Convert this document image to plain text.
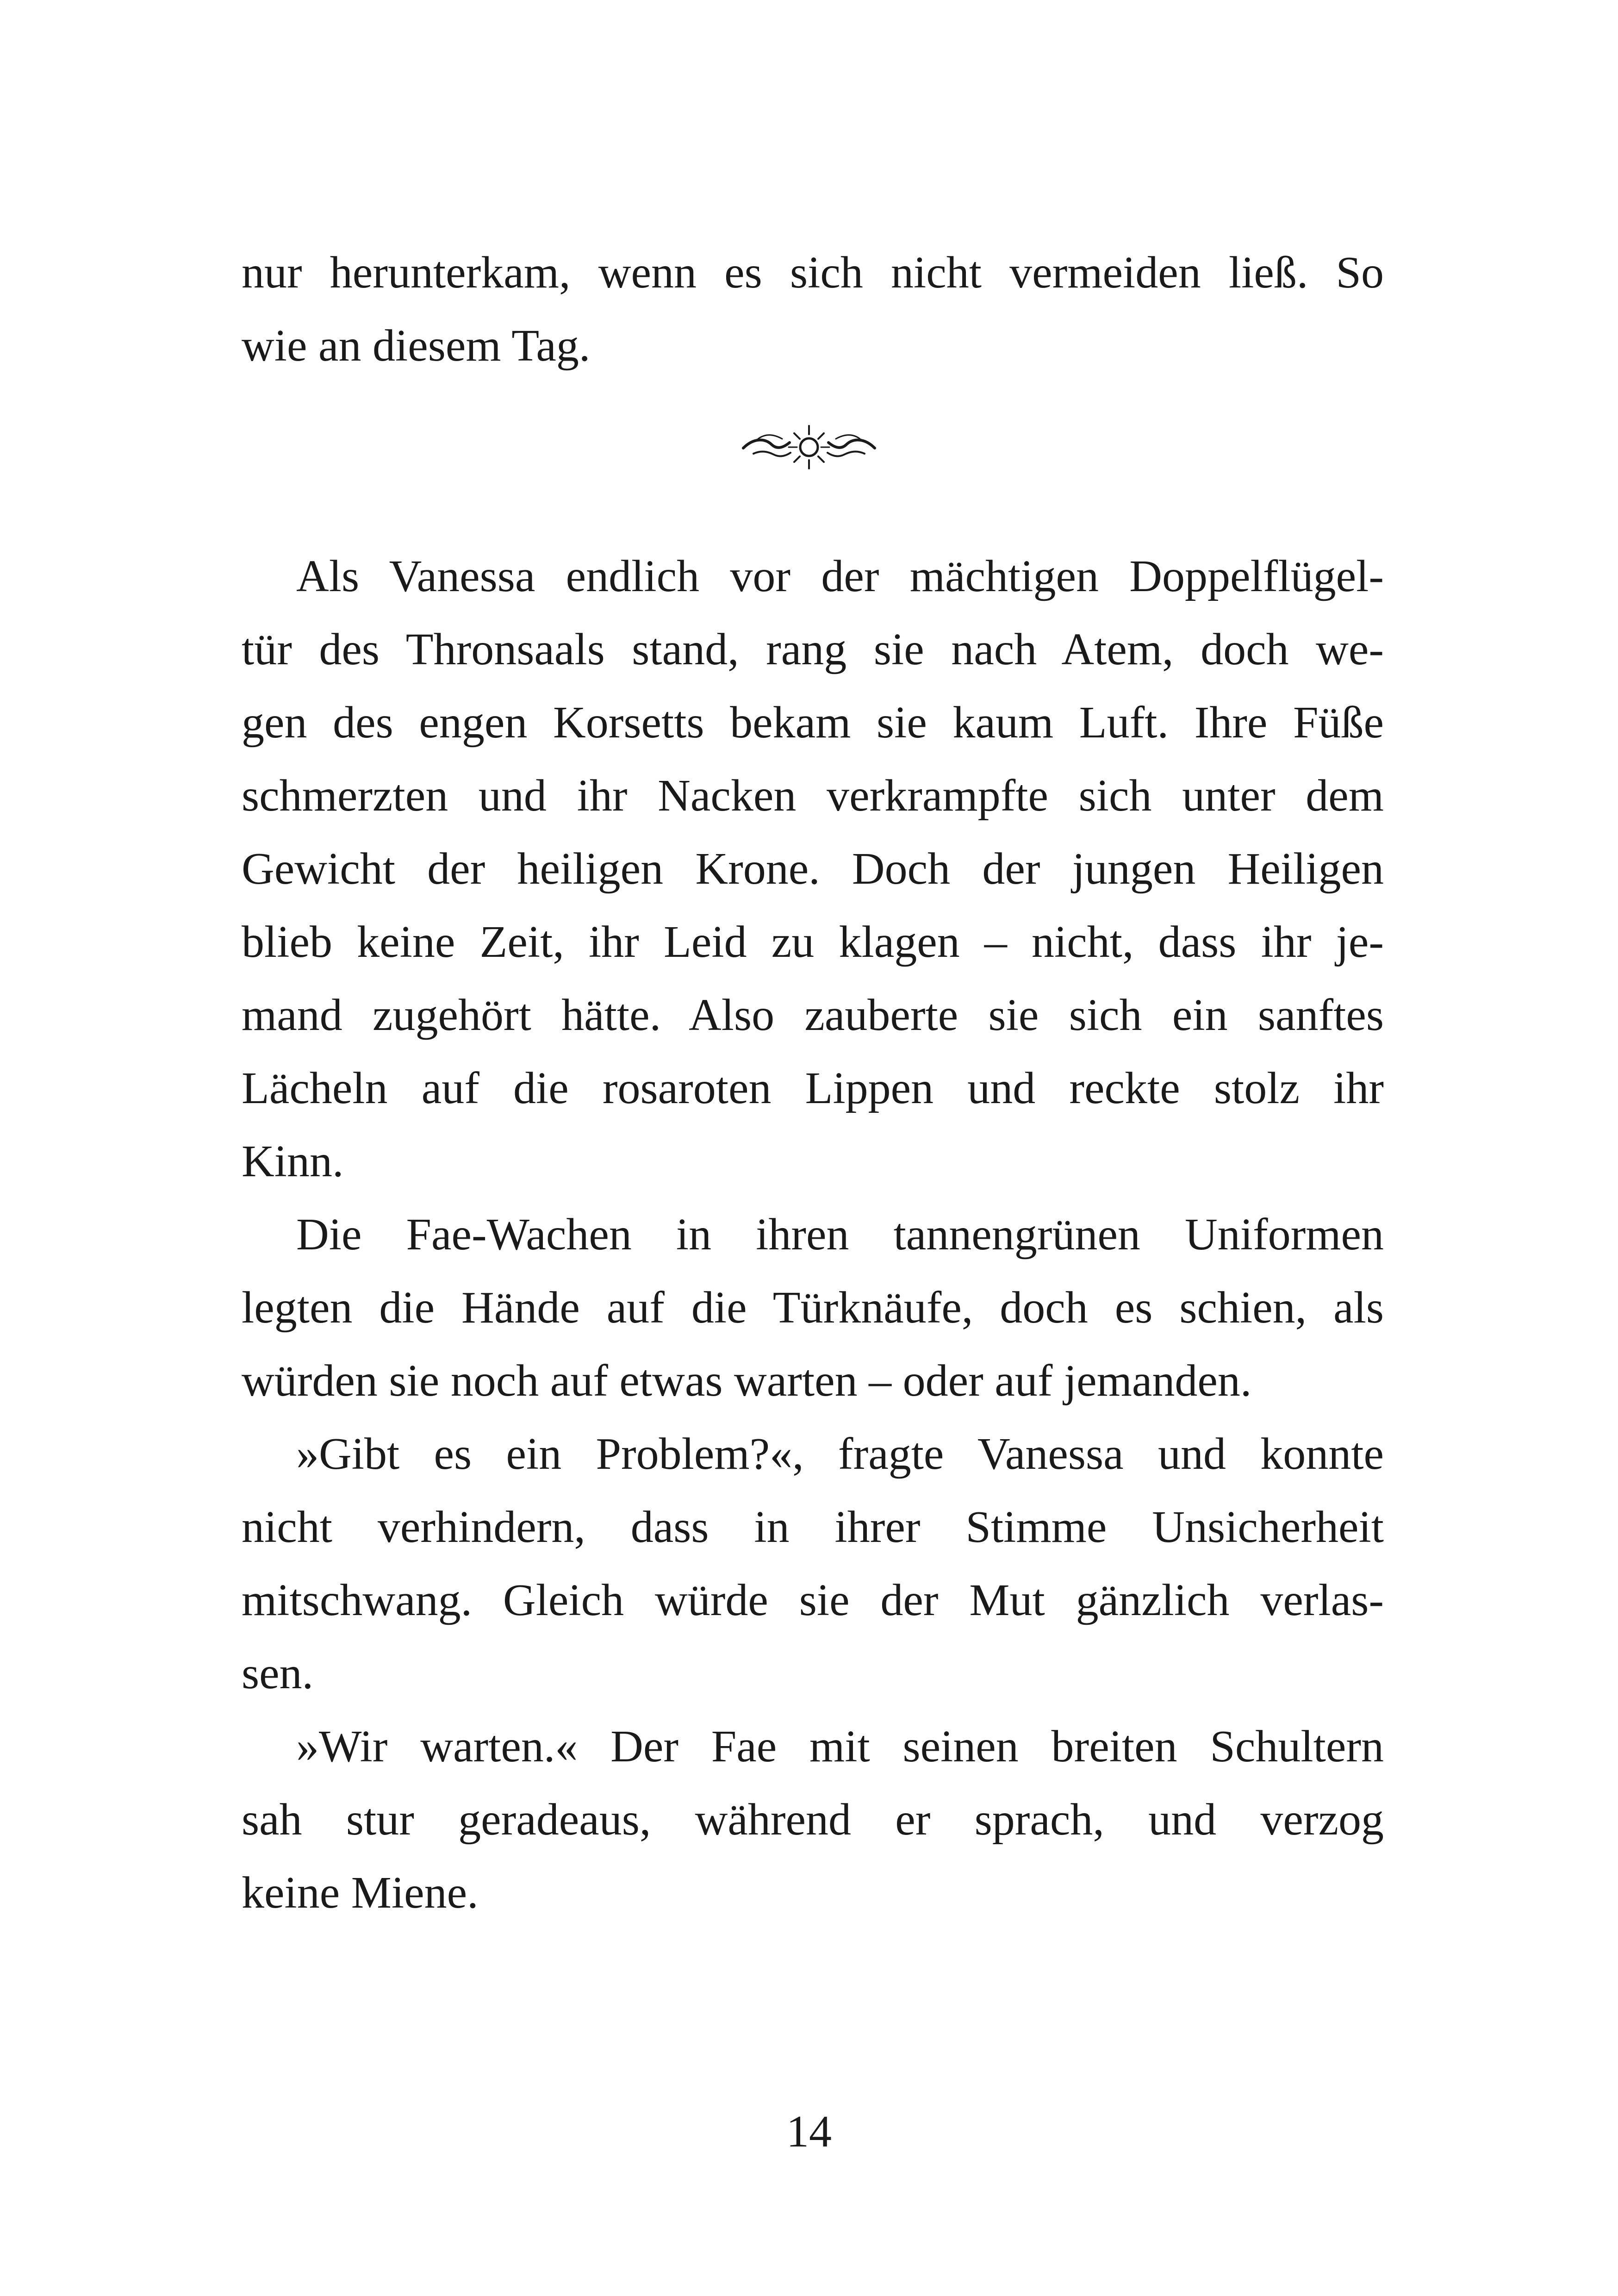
nur herunterkam, wenn es sich nicht vermeiden ließ. So
wie an diesem Tag.
Als Vanessa endlich vor der mächtigen Doppelflügel-
tür des Thronsaals stand, rang sie nach Atem, doch we-
gen des engen Korsetts bekam sie kaum Luft. Ihre Füße
schmerzten und ihr Nacken verkrampfte sich unter dem
Gewicht der heiligen Krone. Doch der jungen Heiligen
blieb keine Zeit, ihr Leid zu klagen – nicht, dass ihr je-
mand zugehört hätte. Also zauberte sie sich ein sanftes
Lächeln auf die rosaroten Lippen und reckte stolz ihr
Kinn.
Die Fae-Wachen in ihren tannengrünen Uniformen
legten die Hände auf die Türknäufe, doch es schien, als
würden sie noch auf etwas warten – oder auf jemanden.
»Gibt es ein Problem?«, fragte Vanessa und konnte
nicht verhindern, dass in ihrer Stimme Unsicherheit
mitschwang. Gleich würde sie der Mut gänzlich verlas-
sen.
»Wir warten.« Der Fae mit seinen breiten Schultern
sah stur geradeaus, während er sprach, und verzog
keine Miene.
14
